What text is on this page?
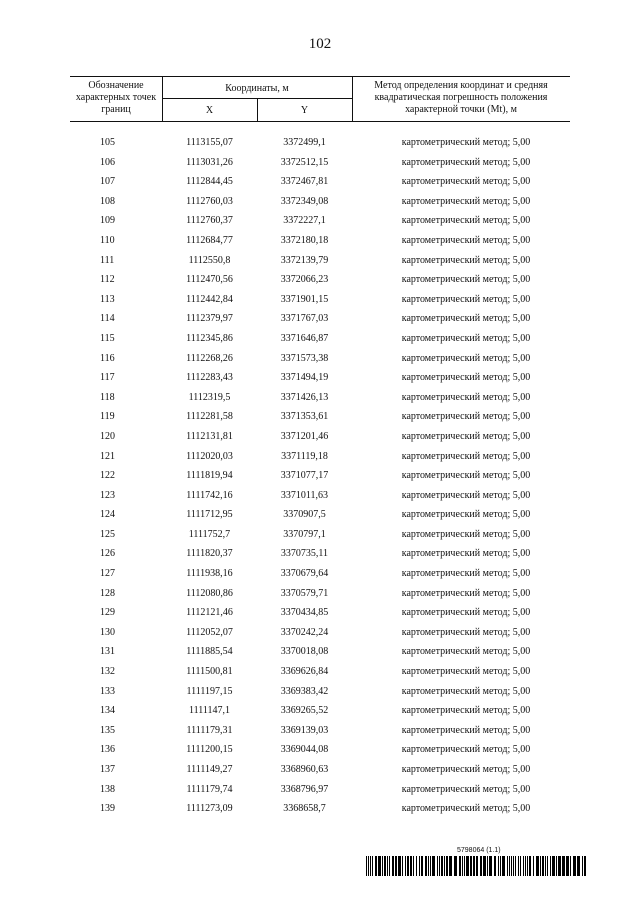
102
Обозначение характерных точек границ
Координаты, м
X	Y
Метод определения координат и средняя квадратическая погрешность положения характерной точки (Mt), м
105	1113155,07	3372499,1	картометрический метод; 5,00
106	1113031,26	3372512,15	картометрический метод; 5,00
107	1112844,45	3372467,81	картометрический метод; 5,00
108	1112760,03	3372349,08	картометрический метод; 5,00
109	1112760,37	3372227,1	картометрический метод; 5,00
110	1112684,77	3372180,18	картометрический метод; 5,00
111	1112550,8	3372139,79	картометрический метод; 5,00
112	1112470,56	3372066,23	картометрический метод; 5,00
113	1112442,84	3371901,15	картометрический метод; 5,00
114	1112379,97	3371767,03	картометрический метод; 5,00
115	1112345,86	3371646,87	картометрический метод; 5,00
116	1112268,26	3371573,38	картометрический метод; 5,00
117	1112283,43	3371494,19	картометрический метод; 5,00
118	1112319,5	3371426,13	картометрический метод; 5,00
119	1112281,58	3371353,61	картометрический метод; 5,00
120	1112131,81	3371201,46	картометрический метод; 5,00
121	1112020,03	3371119,18	картометрический метод; 5,00
122	1111819,94	3371077,17	картометрический метод; 5,00
123	1111742,16	3371011,63	картометрический метод; 5,00
124	1111712,95	3370907,5	картометрический метод; 5,00
125	1111752,7	3370797,1	картометрический метод; 5,00
126	1111820,37	3370735,11	картометрический метод; 5,00
127	1111938,16	3370679,64	картометрический метод; 5,00
128	1112080,86	3370579,71	картометрический метод; 5,00
129	1112121,46	3370434,85	картометрический метод; 5,00
130	1112052,07	3370242,24	картометрический метод; 5,00
131	1111885,54	3370018,08	картометрический метод; 5,00
132	1111500,81	3369626,84	картометрический метод; 5,00
133	1111197,15	3369383,42	картометрический метод; 5,00
134	1111147,1	3369265,52	картометрический метод; 5,00
135	1111179,31	3369139,03	картометрический метод; 5,00
136	1111200,15	3369044,08	картометрический метод; 5,00
137	1111149,27	3368960,63	картометрический метод; 5,00
138	1111179,74	3368796,97	картометрический метод; 5,00
139	1111273,09	3368658,7	картометрический метод; 5,00
5798064 (1.1)
